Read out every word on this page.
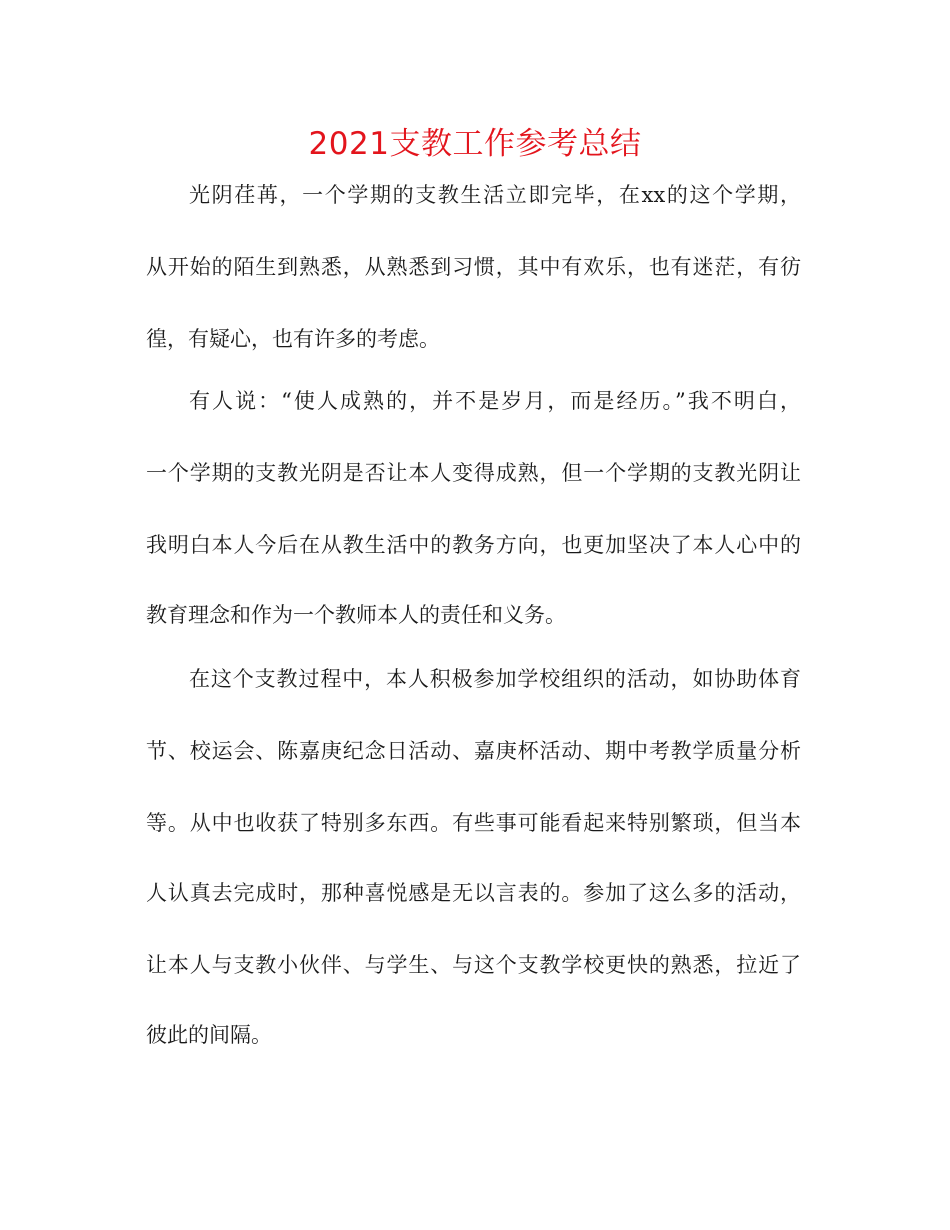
2021支教工作参考总结
光阴荏苒，一个学期的支教生活立即完毕，在xx的这个学期，
从开始的陌生到熟悉，从熟悉到习惯，其中有欢乐，也有迷茫，有彷
徨，有疑心，也有许多的考虑。
有人说：“使人成熟的，并不是岁月，而是经历。”我不明白，
一个学期的支教光阴是否让本人变得成熟，但一个学期的支教光阴让
我明白本人今后在从教生活中的教务方向，也更加坚决了本人心中的
教育理念和作为一个教师本人的责任和义务。
在这个支教过程中，本人积极参加学校组织的活动，如协助体育
节、校运会、陈嘉庚纪念日活动、嘉庚杯活动、期中考教学质量分析
等。从中也收获了特别多东西。有些事可能看起来特别繁琐，但当本
人认真去完成时，那种喜悦感是无以言表的。参加了这么多的活动，
让本人与支教小伙伴、与学生、与这个支教学校更快的熟悉，拉近了
彼此的间隔。
